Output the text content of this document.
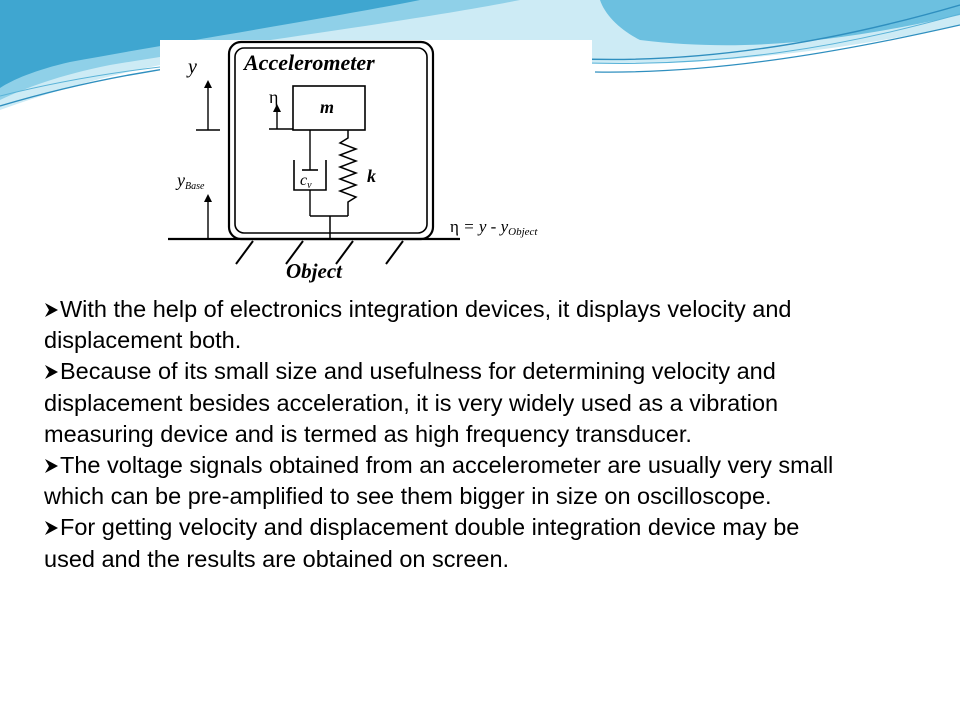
Accelerometer
m
η
cv	k
y
yBase
Object
η = y - yObject
With the help of electronics integration devices, it displays velocity and displacement both.
Because of its small size and usefulness for determining velocity and displacement besides acceleration, it is very widely used as a vibration measuring device and is termed as high frequency transducer.
The voltage signals obtained from an accelerometer are usually very small which can be pre-amplified to see them bigger in size on oscilloscope.
For getting velocity and displacement double integration device may be used and the results are obtained on screen.
